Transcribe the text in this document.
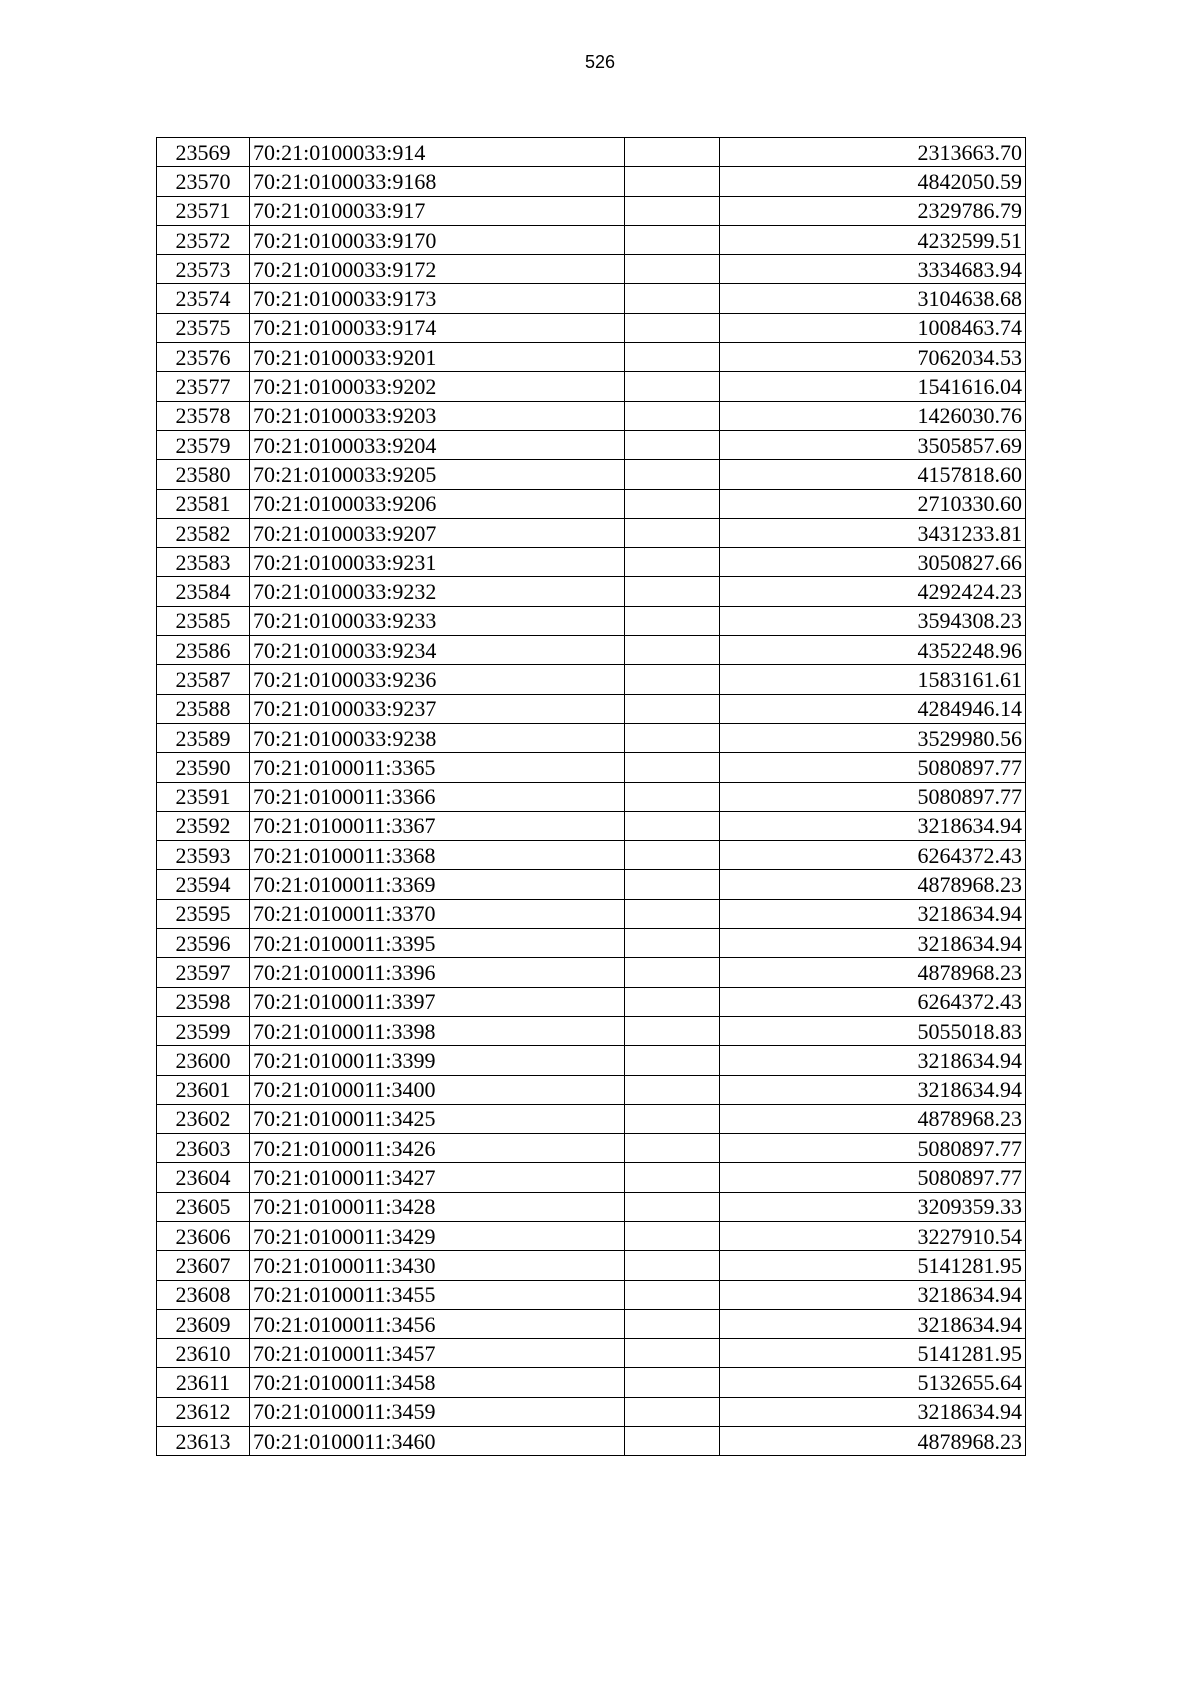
526
23569	70:21:0100033:914		2313663.70
23570	70:21:0100033:9168		4842050.59
23571	70:21:0100033:917		2329786.79
23572	70:21:0100033:9170		4232599.51
23573	70:21:0100033:9172		3334683.94
23574	70:21:0100033:9173		3104638.68
23575	70:21:0100033:9174		1008463.74
23576	70:21:0100033:9201		7062034.53
23577	70:21:0100033:9202		1541616.04
23578	70:21:0100033:9203		1426030.76
23579	70:21:0100033:9204		3505857.69
23580	70:21:0100033:9205		4157818.60
23581	70:21:0100033:9206		2710330.60
23582	70:21:0100033:9207		3431233.81
23583	70:21:0100033:9231		3050827.66
23584	70:21:0100033:9232		4292424.23
23585	70:21:0100033:9233		3594308.23
23586	70:21:0100033:9234		4352248.96
23587	70:21:0100033:9236		1583161.61
23588	70:21:0100033:9237		4284946.14
23589	70:21:0100033:9238		3529980.56
23590	70:21:0100011:3365		5080897.77
23591	70:21:0100011:3366		5080897.77
23592	70:21:0100011:3367		3218634.94
23593	70:21:0100011:3368		6264372.43
23594	70:21:0100011:3369		4878968.23
23595	70:21:0100011:3370		3218634.94
23596	70:21:0100011:3395		3218634.94
23597	70:21:0100011:3396		4878968.23
23598	70:21:0100011:3397		6264372.43
23599	70:21:0100011:3398		5055018.83
23600	70:21:0100011:3399		3218634.94
23601	70:21:0100011:3400		3218634.94
23602	70:21:0100011:3425		4878968.23
23603	70:21:0100011:3426		5080897.77
23604	70:21:0100011:3427		5080897.77
23605	70:21:0100011:3428		3209359.33
23606	70:21:0100011:3429		3227910.54
23607	70:21:0100011:3430		5141281.95
23608	70:21:0100011:3455		3218634.94
23609	70:21:0100011:3456		3218634.94
23610	70:21:0100011:3457		5141281.95
23611	70:21:0100011:3458		5132655.64
23612	70:21:0100011:3459		3218634.94
23613	70:21:0100011:3460		4878968.23
